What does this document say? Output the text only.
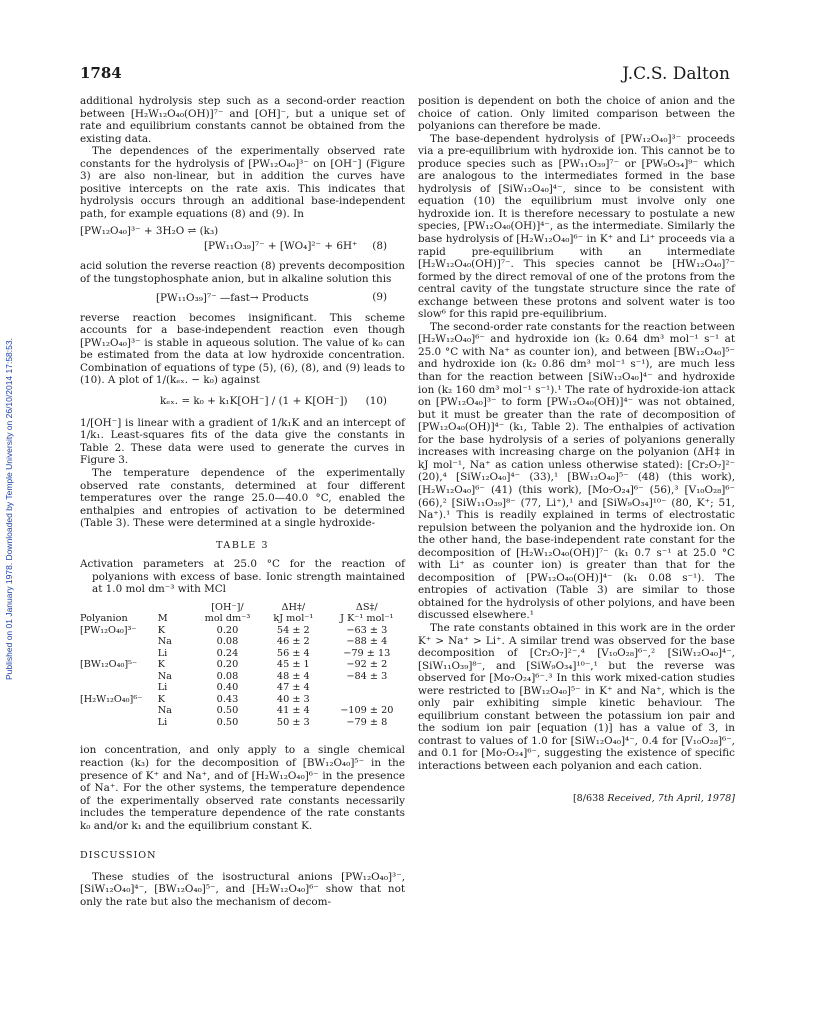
1784	J.C.S. Dalton
Published on 01 January 1978. Downloaded by Temple University on 26/10/2014 17:58:53.

additional hydrolysis step such as a second-order reaction between [H₂W₁₂O₄₀(OH)]⁷⁻ and [OH]⁻, but a unique set of rate and equilibrium constants cannot be obtained from the existing data.

The dependences of the experimentally observed rate constants for the hydrolysis of [PW₁₂O₄₀]³⁻ on [OH⁻] (Figure 3) are also non-linear, but in addition the curves have positive intercepts on the rate axis. This indicates that hydrolysis occurs through an additional base-independent path, for example equations (8) and (9). In

[PW₁₂O₄₀]³⁻ + 3H₂O ⇌ (k₃)
[PW₁₁O₃₉]⁷⁻ + [WO₄]²⁻ + 6H⁺ (8)

acid solution the reverse reaction (8) prevents decomposition of the tungstophosphate anion, but in alkaline solution this

[PW₁₁O₃₉]⁷⁻ —fast→ Products	(9)

reverse reaction becomes insignificant. This scheme accounts for a base-independent reaction even though [PW₁₂O₄₀]³⁻ is stable in aqueous solution. The value of k₀ can be estimated from the data at low hydroxide concentration. Combination of equations of type (5), (6), (8), and (9) leads to (10). A plot of 1/(kₑₓ. − k₀) against

kₑₓ. = k₀ + k₁K[OH⁻] / (1 + K[OH⁻]) (10)

1/[OH⁻] is linear with a gradient of 1/k₁K and an intercept of 1/k₁. Least-squares fits of the data give the constants in Table 2. These data were used to generate the curves in Figure 3.

The temperature dependence of the experimentally observed rate constants, determined at four different temperatures over the range 25.0—40.0 °C, enabled the enthalpies and entropies of activation to be determined (Table 3). These were determined at a single hydroxide-

TABLE 3

Activation parameters at 25.0 °C for the reaction of polyanions with excess of base. Ionic strength maintained at 1.0 mol dm⁻³ with MCl

		[OH⁻]/	ΔH‡/	ΔS‡/
Polyanion	M	mol dm⁻³	kJ mol⁻¹	J K⁻¹ mol⁻¹
[PW₁₂O₄₀]³⁻	K	0.20	54 ± 2	−63 ± 3
	Na	0.08	46 ± 2	−88 ± 4
	Li	0.24	56 ± 4	−79 ± 13
[BW₁₂O₄₀]⁵⁻	K	0.20	45 ± 1	−92 ± 2
	Na	0.08	48 ± 4	−84 ± 3
	Li	0.40	47 ± 4	
[H₂W₁₂O₄₀]⁶⁻	K	0.43	40 ± 3	
	Na	0.50	41 ± 4	−109 ± 20
	Li	0.50	50 ± 3	−79 ± 8

ion concentration, and only apply to a single chemical reaction (k₃) for the decomposition of [BW₁₂O₄₀]⁵⁻ in the presence of K⁺ and Na⁺, and of [H₂W₁₂O₄₀]⁶⁻ in the presence of Na⁺. For the other systems, the temperature dependence of the experimentally observed rate constants necessarily includes the temperature dependence of the rate constants k₀ and/or k₁ and the equilibrium constant K.

DISCUSSION

These studies of the isostructural anions [PW₁₂O₄₀]³⁻, [SiW₁₂O₄₀]⁴⁻, [BW₁₂O₄₀]⁵⁻, and [H₂W₁₂O₄₀]⁶⁻ show that not only the rate but also the mechanism of decom-

position is dependent on both the choice of anion and the choice of cation. Only limited comparison between the polyanions can therefore be made.

The base-dependent hydrolysis of [PW₁₂O₄₀]³⁻ proceeds via a pre-equilibrium with hydroxide ion. This cannot be to produce species such as [PW₁₁O₃₉]⁷⁻ or [PW₉O₃₄]⁹⁻ which are analogous to the intermediates formed in the base hydrolysis of [SiW₁₂O₄₀]⁴⁻, since to be consistent with equation (10) the equilibrium must involve only one hydroxide ion. It is therefore necessary to postulate a new species, [PW₁₂O₄₀(OH)]⁴⁻, as the intermediate. Similarly the base hydrolysis of [H₂W₁₂O₄₀]⁶⁻ in K⁺ and Li⁺ proceeds via a rapid pre-equilibrium with an intermediate [H₂W₁₂O₄₀(OH)]⁷⁻. This species cannot be [HW₁₂O₄₀]⁷⁻ formed by the direct removal of one of the protons from the central cavity of the tungstate structure since the rate of exchange between these protons and solvent water is too slow⁶ for this rapid pre-equilibrium.

The second-order rate constants for the reaction between [H₂W₁₂O₄₀]⁶⁻ and hydroxide ion (k₂ 0.64 dm³ mol⁻¹ s⁻¹ at 25.0 °C with Na⁺ as counter ion), and between [BW₁₂O₄₀]⁵⁻ and hydroxide ion (k₂ 0.86 dm³ mol⁻¹ s⁻¹), are much less than for the reaction between [SiW₁₂O₄₀]⁴⁻ and hydroxide ion (k₂ 160 dm³ mol⁻¹ s⁻¹).¹ The rate of hydroxide-ion attack on [PW₁₂O₄₀]³⁻ to form [PW₁₂O₄₀(OH)]⁴⁻ was not obtained, but it must be greater than the rate of decomposition of [PW₁₂O₄₀(OH)]⁴⁻ (k₁, Table 2). The enthalpies of activation for the base hydrolysis of a series of polyanions generally increases with increasing charge on the polyanion (ΔH‡ in kJ mol⁻¹, Na⁺ as cation unless otherwise stated): [Cr₂O₇]²⁻ (20),⁴ [SiW₁₂O₄₀]⁴⁻ (33),¹ [BW₁₂O₄₀]⁵⁻ (48) (this work), [H₂W₁₂O₄₀]⁶⁻ (41) (this work), [Mo₇O₂₄]⁶⁻ (56),³ [V₁₀O₂₈]⁶⁻ (66),² [SiW₁₁O₃₉]⁸⁻ (77, Li⁺),¹ and [SiW₉O₃₄]¹⁰⁻ (80, K⁺; 51, Na⁺).¹ This is readily explained in terms of electrostatic repulsion between the polyanion and the hydroxide ion. On the other hand, the base-independent rate constant for the decomposition of [H₂W₁₂O₄₀(OH)]⁷⁻ (k₁ 0.7 s⁻¹ at 25.0 °C with Li⁺ as counter ion) is greater than that for the decomposition of [PW₁₂O₄₀(OH)]⁴⁻ (k₁ 0.08 s⁻¹). The entropies of activation (Table 3) are similar to those obtained for the hydrolysis of other polyions, and have been discussed elsewhere.¹

The rate constants obtained in this work are in the order K⁺ > Na⁺ > Li⁺. A similar trend was observed for the base decomposition of [Cr₂O₇]²⁻,⁴ [V₁₀O₂₈]⁶⁻,² [SiW₁₂O₄₀]⁴⁻, [SiW₁₁O₃₉]⁸⁻, and [SiW₉O₃₄]¹⁰⁻,¹ but the reverse was observed for [Mo₇O₂₄]⁶⁻.³ In this work mixed-cation studies were restricted to [BW₁₂O₄₀]⁵⁻ in K⁺ and Na⁺, which is the only pair exhibiting simple kinetic behaviour. The equilibrium constant between the potassium ion pair and the sodium ion pair [equation (1)] has a value of 3, in contrast to values of 1.0 for [SiW₁₂O₄₀]⁴⁻, 0.4 for [V₁₀O₂₈]⁶⁻, and 0.1 for [Mo₇O₂₄]⁶⁻, suggesting the existence of specific interactions between each polyanion and each cation.

[8/638 Received, 7th April, 1978]
